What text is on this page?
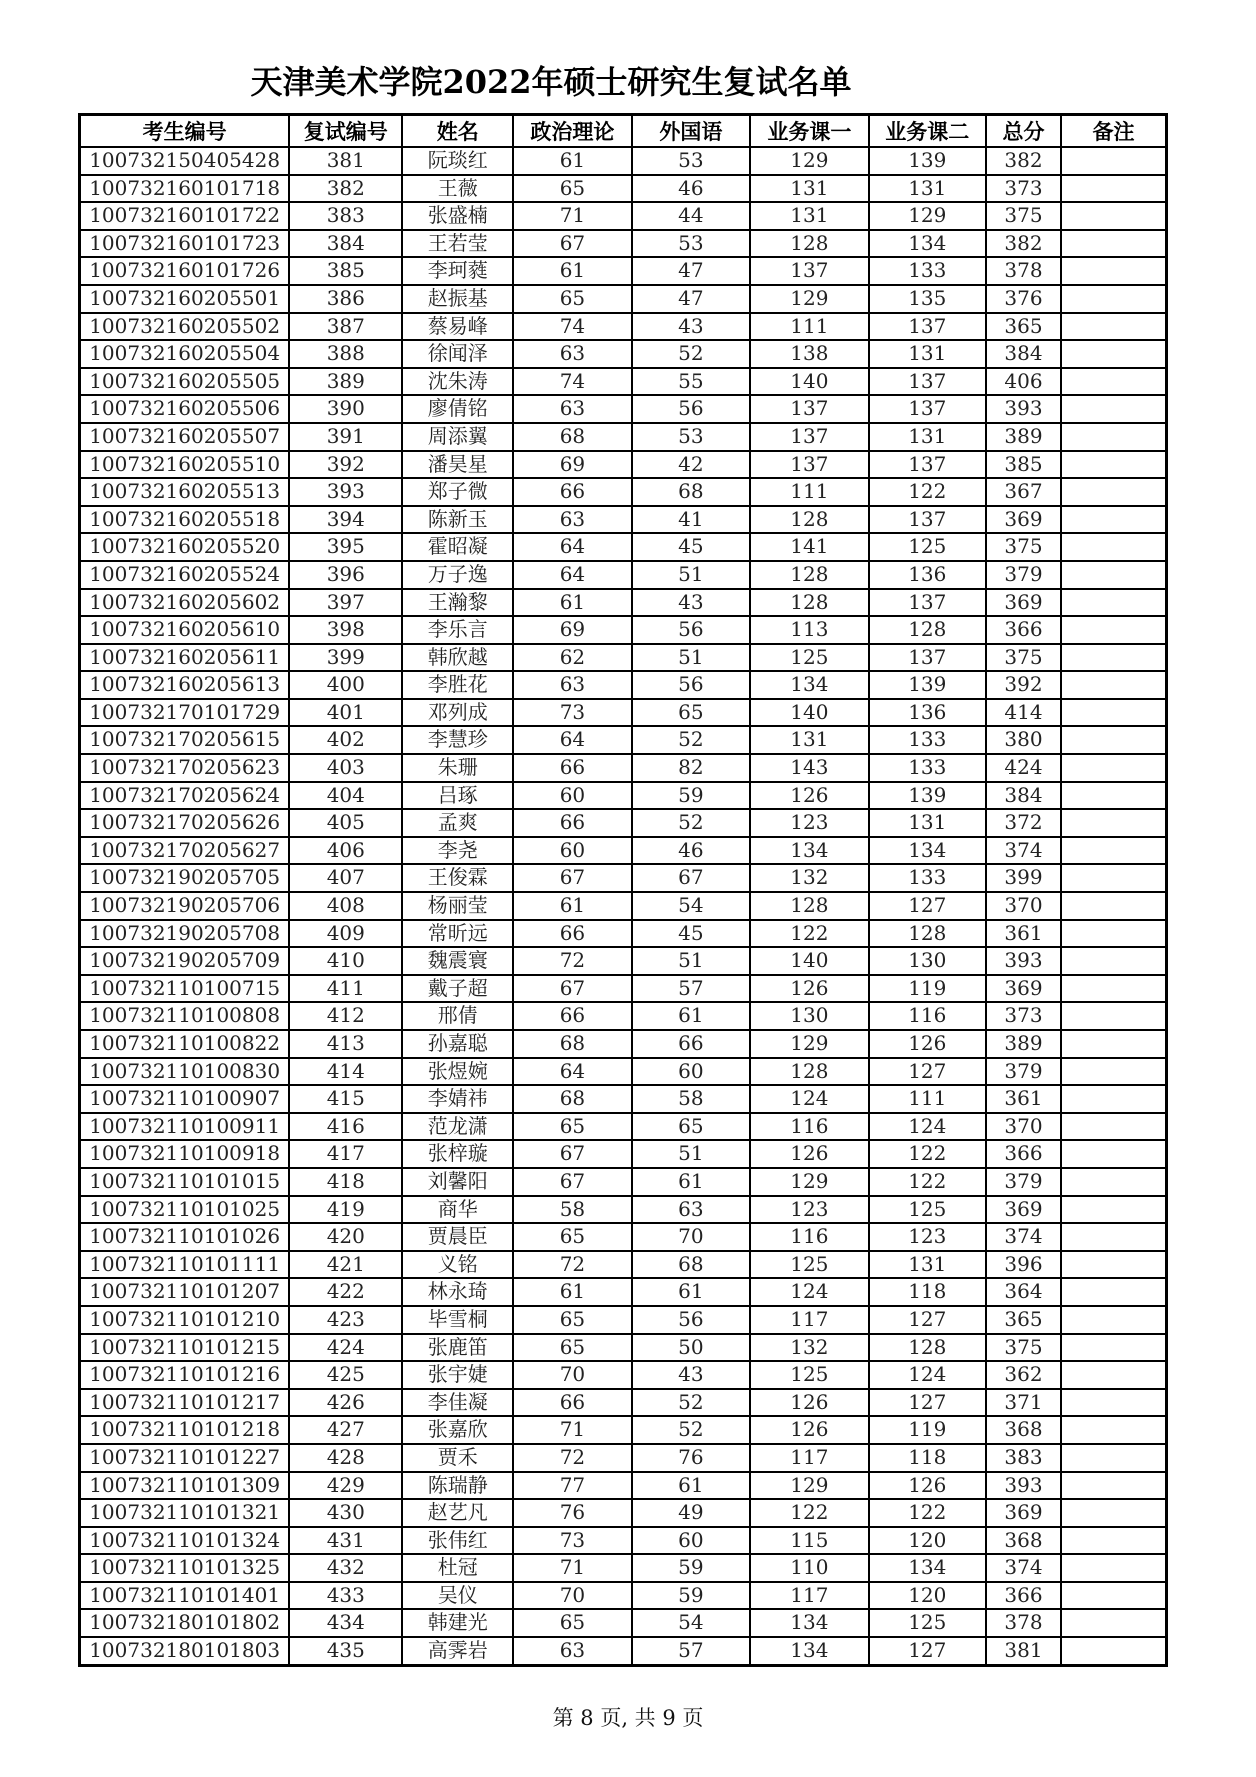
天津美术学院2022年硕士研究生复试名单
考生编号	复试编号	姓名	政治理论	外国语	业务课一	业务课二	总分	备注
100732150405428	381	阮琰红	61	53	129	139	382	
100732160101718	382	王薇	65	46	131	131	373	
100732160101722	383	张盛楠	71	44	131	129	375	
100732160101723	384	王若莹	67	53	128	134	382	
100732160101726	385	李珂蕤	61	47	137	133	378	
100732160205501	386	赵振基	65	47	129	135	376	
100732160205502	387	蔡易峰	74	43	111	137	365	
100732160205504	388	徐闻泽	63	52	138	131	384	
100732160205505	389	沈朱涛	74	55	140	137	406	
100732160205506	390	廖倩铭	63	56	137	137	393	
100732160205507	391	周添翼	68	53	137	131	389	
100732160205510	392	潘昊星	69	42	137	137	385	
100732160205513	393	郑子微	66	68	111	122	367	
100732160205518	394	陈新玉	63	41	128	137	369	
100732160205520	395	霍昭凝	64	45	141	125	375	
100732160205524	396	万子逸	64	51	128	136	379	
100732160205602	397	王瀚黎	61	43	128	137	369	
100732160205610	398	李乐言	69	56	113	128	366	
100732160205611	399	韩欣越	62	51	125	137	375	
100732160205613	400	李胜花	63	56	134	139	392	
100732170101729	401	邓列成	73	65	140	136	414	
100732170205615	402	李慧珍	64	52	131	133	380	
100732170205623	403	朱珊	66	82	143	133	424	
100732170205624	404	吕琢	60	59	126	139	384	
100732170205626	405	孟爽	66	52	123	131	372	
100732170205627	406	李尧	60	46	134	134	374	
100732190205705	407	王俊霖	67	67	132	133	399	
100732190205706	408	杨丽莹	61	54	128	127	370	
100732190205708	409	常昕远	66	45	122	128	361	
100732190205709	410	魏震寰	72	51	140	130	393	
100732110100715	411	戴子超	67	57	126	119	369	
100732110100808	412	邢倩	66	61	130	116	373	
100732110100822	413	孙嘉聪	68	66	129	126	389	
100732110100830	414	张煜婉	64	60	128	127	379	
100732110100907	415	李婧祎	68	58	124	111	361	
100732110100911	416	范龙潇	65	65	116	124	370	
100732110100918	417	张梓璇	67	51	126	122	366	
100732110101015	418	刘馨阳	67	61	129	122	379	
100732110101025	419	商华	58	63	123	125	369	
100732110101026	420	贾晨臣	65	70	116	123	374	
100732110101111	421	义铭	72	68	125	131	396	
100732110101207	422	林永琦	61	61	124	118	364	
100732110101210	423	毕雪桐	65	56	117	127	365	
100732110101215	424	张鹿笛	65	50	132	128	375	
100732110101216	425	张宇婕	70	43	125	124	362	
100732110101217	426	李佳凝	66	52	126	127	371	
100732110101218	427	张嘉欣	71	52	126	119	368	
100732110101227	428	贾禾	72	76	117	118	383	
100732110101309	429	陈瑞静	77	61	129	126	393	
100732110101321	430	赵艺凡	76	49	122	122	369	
100732110101324	431	张伟红	73	60	115	120	368	
100732110101325	432	杜冠	71	59	110	134	374	
100732110101401	433	吴仪	70	59	117	120	366	
100732180101802	434	韩建光	65	54	134	125	378	
100732180101803	435	高霁岩	63	57	134	127	381	
第 8 页, 共 9 页
